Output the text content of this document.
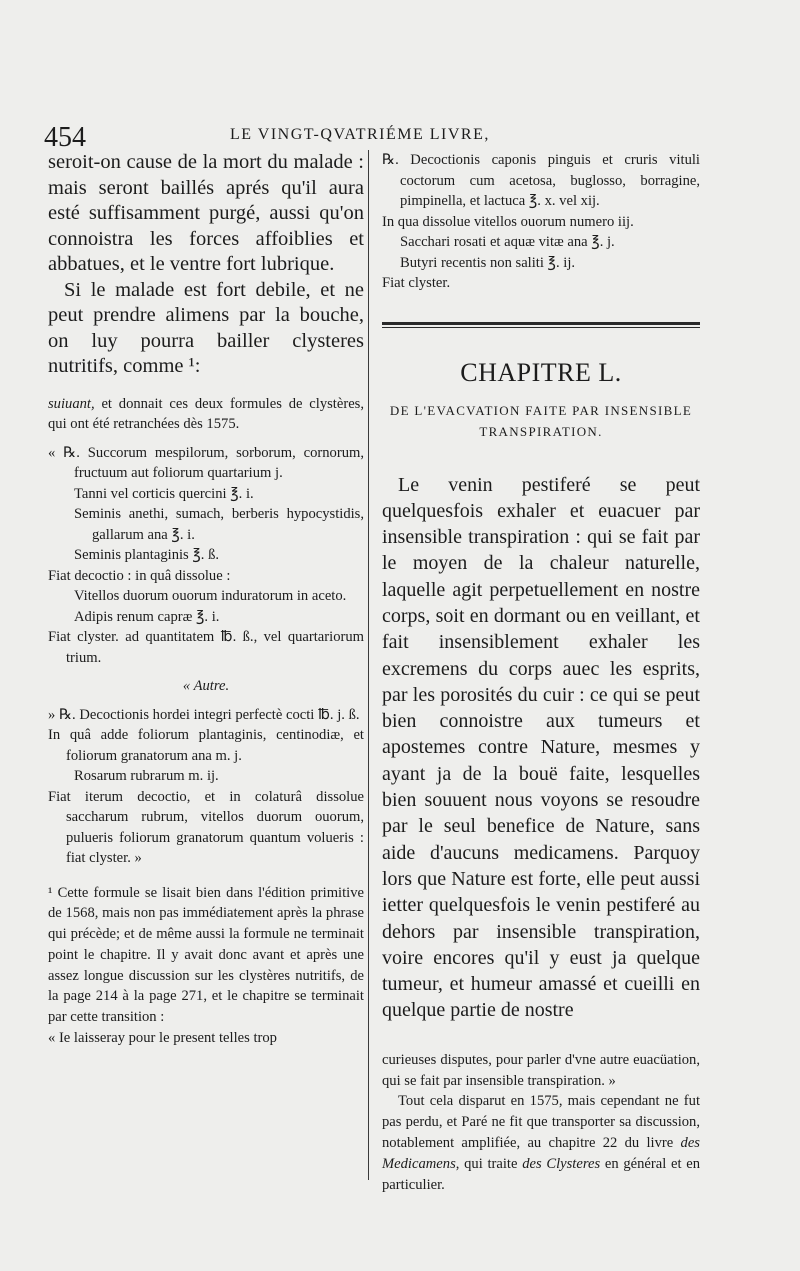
454	LE VINGT-QVATRIÉME LIVRE,

seroit-on cause de la mort du malade : mais seront baillés aprés qu'il aura esté suffisamment purgé, aussi qu'on connoistra les forces affoiblies et abbatues, et le ventre fort lubrique.

Si le malade est fort debile, et ne peut prendre alimens par la bouche, on luy pourra bailler clysteres nutritifs, comme ¹:

suiuant, et donnait ces deux formules de clystères, qui ont été retranchées dès 1575.

« ℞. Succorum mespilorum, sorborum, cornorum, fructuum aut foliorum quartarium j.

Tanni vel corticis quercini ℥. i.

Seminis anethi, sumach, berberis hypocystidis, gallarum ana ℥. i.

Seminis plantaginis ℥. ß.

Fiat decoctio : in quâ dissolue :

Vitellos duorum ouorum induratorum in aceto.

Adipis renum capræ ℥. i.

Fiat clyster. ad quantitatem ℔. ß., vel quartariorum trium.

« Autre.

» ℞. Decoctionis hordei integri perfectè cocti ℔. j. ß.

In quâ adde foliorum plantaginis, centinodiæ, et foliorum granatorum ana m. j.

Rosarum rubrarum m. ij.

Fiat iterum decoctio, et in colaturâ dissolue saccharum rubrum, vitellos duorum ouorum, pulueris foliorum granatorum quantum volueris : fiat clyster. »

¹ Cette formule se lisait bien dans l'édition primitive de 1568, mais non pas immédiatement après la phrase qui précède; et de même aussi la formule ne terminait point le chapitre. Il y avait donc avant et après une assez longue discussion sur les clystères nutritifs, de la page 214 à la page 271, et le chapitre se terminait par cette transition :

« Ie laisseray pour le present telles trop

℞. Decoctionis caponis pinguis et cruris vituli coctorum cum acetosa, buglosso, borragine, pimpinella, et lactuca ℥. x. vel xij.

In qua dissolue vitellos ouorum numero iij.

Sacchari rosati et aquæ vitæ ana ℥. j.

Butyri recentis non saliti ℥. ij.

Fiat clyster.

CHAPITRE L.
DE L'EVACVATION FAITE PAR INSENSIBLE TRANSPIRATION.

Le venin pestiferé se peut quelquesfois exhaler et euacuer par insensible transpiration : qui se fait par le moyen de la chaleur naturelle, laquelle agit perpetuellement en nostre corps, soit en dormant ou en veillant, et fait insensiblement exhaler les excremens du corps auec les esprits, par les porosités du cuir : ce qui se peut bien connoistre aux tumeurs et apostemes contre Nature, mesmes y ayant ja de la bouë faite, lesquelles bien souuent nous voyons se resoudre par le seul benefice de Nature, sans aide d'aucuns medicamens. Parquoy lors que Nature est forte, elle peut aussi ietter quelquesfois le venin pestiferé au dehors par insensible transpiration, voire encores qu'il y eust ja quelque tumeur, et humeur amassé et cueilli en quelque partie de nostre

curieuses disputes, pour parler d'vne autre euacüation, qui se fait par insensible transpiration. »

Tout cela disparut en 1575, mais cependant ne fut pas perdu, et Paré ne fit que transporter sa discussion, notablement amplifiée, au chapitre 22 du livre des Medicamens, qui traite des Clysteres en général et en particulier.
